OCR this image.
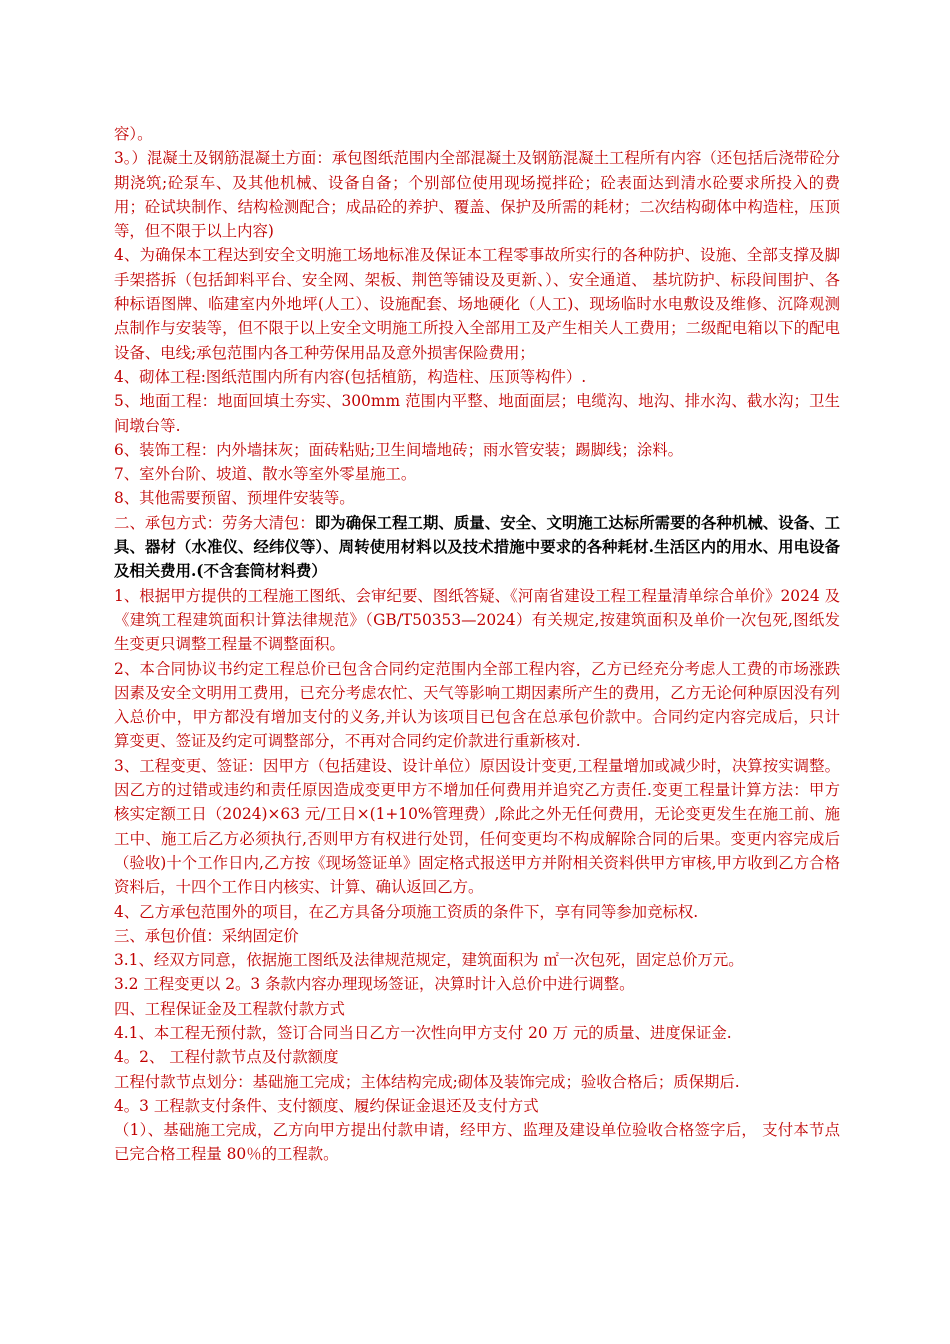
容）。

3。）混凝土及钢筋混凝土方面：承包图纸范围内全部混凝土及钢筋混凝土工程所有内容（还包括后浇带砼分期浇筑;砼泵车、及其他机械、设备自备；个别部位使用现场搅拌砼；砼表面达到清水砼要求所投入的费用；砼试块制作、结构检测配合；成品砼的养护、覆盖、保护及所需的耗材；二次结构砌体中构造柱，压顶等，但不限于以上内容)

4、为确保本工程达到安全文明施工场地标准及保证本工程零事故所实行的各种防护、设施、全部支撑及脚手架搭拆（包括卸料平台、安全网、架板、荆笆等铺设及更新、）、安全通道、 基坑防护、标段间围护、各种标语图牌、临建室内外地坪(人工）、设施配套、场地硬化（人工)、现场临时水电敷设及维修、沉降观测点制作与安装等，但不限于以上安全文明施工所投入全部用工及产生相关人工费用；二级配电箱以下的配电设备、电线;承包范围内各工种劳保用品及意外损害保险费用；

4、砌体工程:图纸范围内所有内容(包括植筋，构造柱、压顶等构件）.

5、地面工程：地面回填土夯实、300mm 范围内平整、地面面层；电缆沟、地沟、排水沟、截水沟；卫生间墩台等.

6、装饰工程：内外墙抹灰；面砖粘贴;卫生间墙地砖；雨水管安装；踢脚线；涂料。

7、室外台阶、坡道、散水等室外零星施工。

8、其他需要预留、预埋件安装等。

二、承包方式：劳务大清包：即为确保工程工期、质量、安全、文明施工达标所需要的各种机械、设备、工具、器材（水准仪、经纬仪等）、周转使用材料以及技术措施中要求的各种耗材.生活区内的用水、用电设备及相关费用.(不含套筒材料费）

1、根据甲方提供的工程施工图纸、会审纪要、图纸答疑、《河南省建设工程工程量清单综合单价》2024 及《建筑工程建筑面积计算法律规范》（GB/T50353—2024）有关规定,按建筑面积及单价一次包死,图纸发生变更只调整工程量不调整面积。

2、本合同协议书约定工程总价已包含合同约定范围内全部工程内容，乙方已经充分考虑人工费的市场涨跌因素及安全文明用工费用，已充分考虑农忙、天气等影响工期因素所产生的费用，乙方无论何种原因没有列入总价中，甲方都没有增加支付的义务,并认为该项目已包含在总承包价款中。合同约定内容完成后，只计算变更、签证及约定可调整部分，不再对合同约定价款进行重新核对.

3、工程变更、签证：因甲方（包括建设、设计单位）原因设计变更,工程量增加或减少时，决算按实调整。因乙方的过错或违约和责任原因造成变更甲方不增加任何费用并追究乙方责任.变更工程量计算方法：甲方核实定额工日（2024)×63 元/工日×(1+10%管理费）,除此之外无任何费用，无论变更发生在施工前、施工中、施工后乙方必须执行,否则甲方有权进行处罚，任何变更均不构成解除合同的后果。变更内容完成后（验收)十个工作日内,乙方按《现场签证单》固定格式报送甲方并附相关资料供甲方审核,甲方收到乙方合格资料后，十四个工作日内核实、计算、确认返回乙方。

4、乙方承包范围外的项目，在乙方具备分项施工资质的条件下，享有同等参加竞标权.

三、承包价值：采纳固定价

3.1、经双方同意，依据施工图纸及法律规范规定，建筑面积为 ㎡一次包死，固定总价万元。

3.2 工程变更以 2。3 条款内容办理现场签证，决算时计入总价中进行调整。

四、工程保证金及工程款付款方式

4.1、本工程无预付款，签订合同当日乙方一次性向甲方支付 20 万 元的质量、进度保证金.

4。2、 工程付款节点及付款额度

工程付款节点划分：基础施工完成；主体结构完成;砌体及装饰完成；验收合格后；质保期后.

4。3 工程款支付条件、支付额度、履约保证金退还及支付方式

（1）、基础施工完成，乙方向甲方提出付款申请，经甲方、监理及建设单位验收合格签字后， 支付本节点已完合格工程量 80％的工程款。
